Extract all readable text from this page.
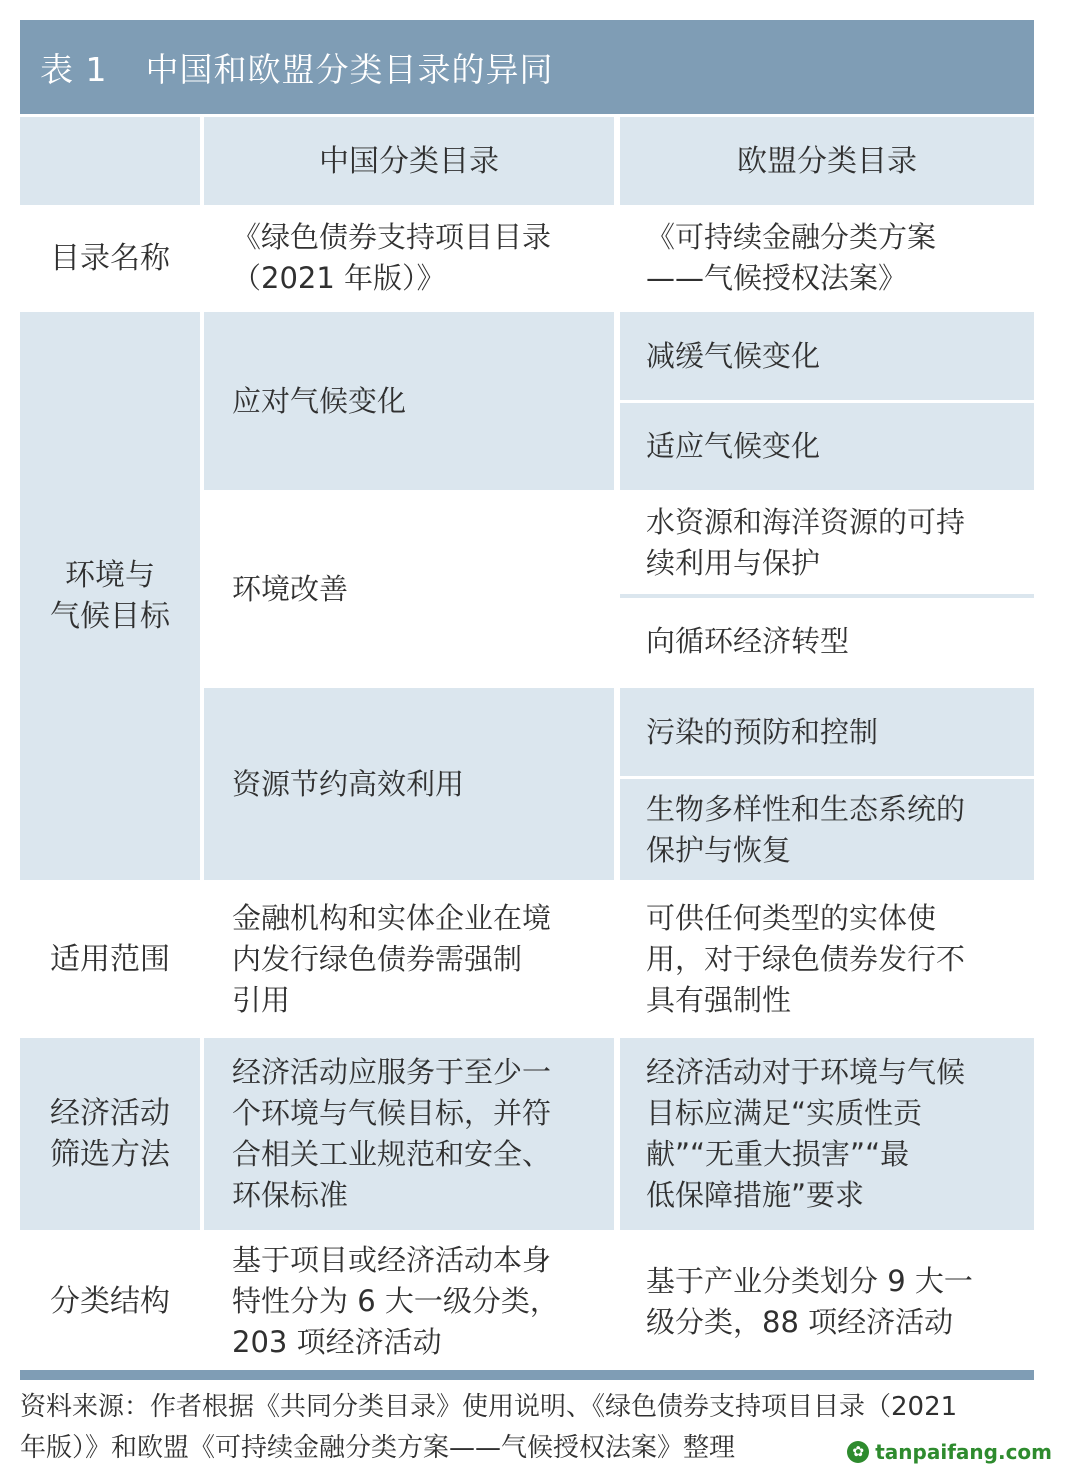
表 1 中国和欧盟分类目录的异同
中国分类目录	欧盟分类目录
目录名称
《绿色债券支持项目目录
（2021 年版）》
《可持续金融分类方案
——气候授权法案》
环境与
气候目标
应对气候变化
减缓气候变化
适应气候变化
环境改善
水资源和海洋资源的可持
续利用与保护
向循环经济转型
资源节约高效利用
污染的预防和控制
生物多样性和生态系统的
保护与恢复
适用范围
金融机构和实体企业在境
内发行绿色债券需强制
引用
可供任何类型的实体使
用，对于绿色债券发行不
具有强制性
经济活动
筛选方法
经济活动应服务于至少一
个环境与气候目标，并符
合相关工业规范和安全、
环保标准
经济活动对于环境与气候
目标应满足“实质性贡
献”“无重大损害”“最
低保障措施”要求
分类结构
基于项目或经济活动本身
特性分为 6 大一级分类，
203 项经济活动
基于产业分类划分 9 大一
级分类，88 项经济活动
资料来源：作者根据《共同分类目录》使用说明、《绿色债券支持项目目录（2021
年版）》和欧盟《可持续金融分类方案——气候授权法案》整理	✿ tanpaifang.com
